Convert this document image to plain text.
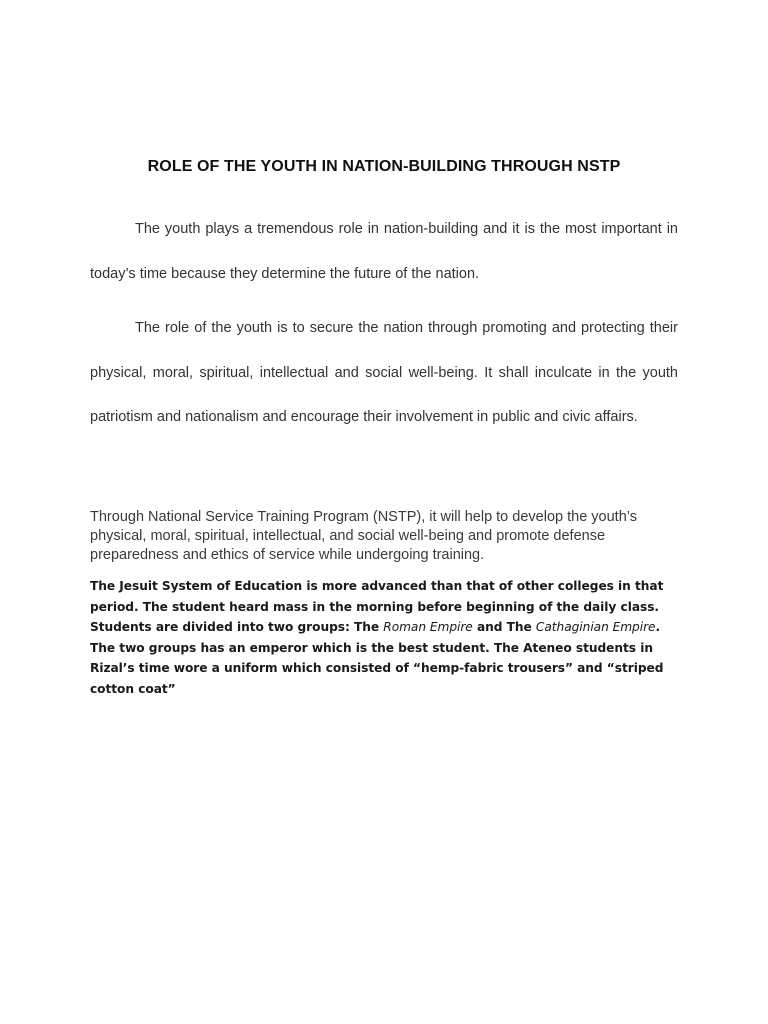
ROLE OF THE YOUTH IN NATION-BUILDING THROUGH NSTP

The youth plays a tremendous role in nation-building and it is the most important in today’s time because they determine the future of the nation.

The role of the youth is to secure the nation through promoting and protecting their physical, moral, spiritual, intellectual and social well-being. It shall inculcate in the youth patriotism and nationalism and encourage their involvement in public and civic affairs.

Through National Service Training Program (NSTP), it will help to develop the youth’s physical, moral, spiritual, intellectual, and social well-being and promote defense preparedness and ethics of service while undergoing training.

The Jesuit System of Education is more advanced than that of other colleges in that period. The student heard mass in the morning before beginning of the daily class. Students are divided into two groups: The Roman Empire and The Cathaginian Empire. The two groups has an emperor which is the best student. The Ateneo students in Rizal’s time wore a uniform which consisted of “hemp-fabric trousers” and “striped cotton coat”
